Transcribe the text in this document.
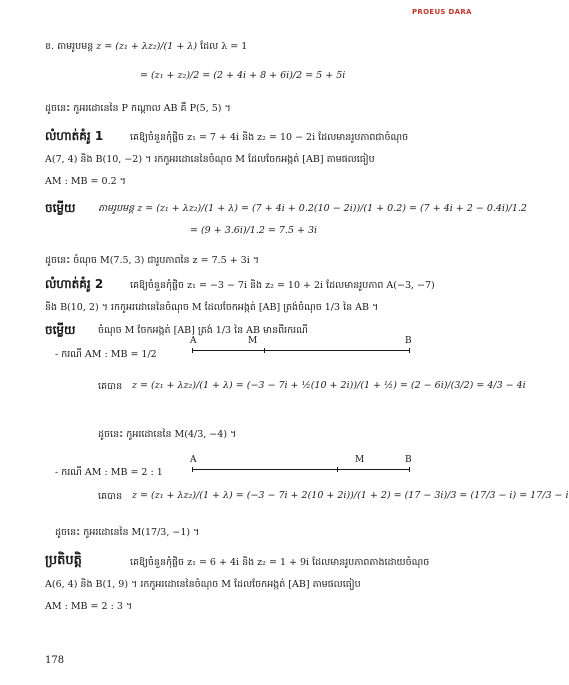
PROEUS DARA
ខ. តាមរូបមន្ត z = (z₁ + λz₂)/(1 + λ) ដែល λ = 1
= (z₁ + z₂)/2 = (2 + 4i + 8 + 6i)/2 = 5 + 5i
ដូចនេះ កូអរដោនេនៃ P កណ្ដាល AB គឺ P(5, 5) ។
លំហាត់គំរូ 1	គេឱ្យចំនួនកុំផ្លិច z₁ = 7 + 4i និង z₂ = 10 − 2i ដែលមានរូបភាពជាចំណុច
A(7, 4) និង B(10, −2) ។ រកកូអរដោនេនៃចំណុច M ដែលចែកអង្កត់ [AB] តាមផលធៀប
AM : MB = 0.2 ។
ចម្លើយ តាមរូបមន្ត z = (z₁ + λz₂)/(1 + λ) = (7 + 4i + 0.2(10 − 2i))/(1 + 0.2) = (7 + 4i + 2 − 0.4i)/1.2
= (9 + 3.6i)/1.2 = 7.5 + 3i
ដូចនេះ ចំណុច M(7.5, 3) ជារូបភាពនៃ z = 7.5 + 3i ។
លំហាត់គំរូ 2	គេឱ្យចំនួនកុំផ្លិច z₁ = −3 − 7i និង z₂ = 10 + 2i ដែលមានរូបភាព A(−3, −7)
និង B(10, 2) ។ រកកូអរដោនេនៃចំណុច M ដែលចែកអង្កត់ [AB] ត្រង់ចំណុច 1/3 នៃ AB ។
ចម្លើយ ចំណុច M ចែកអង្កត់ [AB] ត្រង់ 1/3 នៃ AB មានពីរករណី
- ករណី AM : MB = 1/2
A	M	B
គេបាន z = (z₁ + λz₂)/(1 + λ) = (−3 − 7i + ½(10 + 2i))/(1 + ½) = (2 − 6i)/(3/2) = 4/3 − 4i
ដូចនេះ កូអរដោនេនៃ M(4/3, −4) ។
- ករណី AM : MB = 2 : 1
A	M	B
គេបាន z = (z₁ + λz₂)/(1 + λ) = (−3 − 7i + 2(10 + 2i))/(1 + 2) = (17 − 3i)/3 = (17/3 − i) = 17/3 − i
ដូចនេះ កូអរដោនេនៃ M(17/3, −1) ។
ប្រតិបត្តិ	គេឱ្យចំនួនកុំផ្លិច z₁ = 6 + 4i និង z₂ = 1 + 9i ដែលមានរូបភាពតាងដោយចំណុច
A(6, 4) និង B(1, 9) ។ រកកូអរដោនេនៃចំណុច M ដែលចែកអង្កត់ [AB] តាមផលធៀប
AM : MB = 2 : 3 ។
178
